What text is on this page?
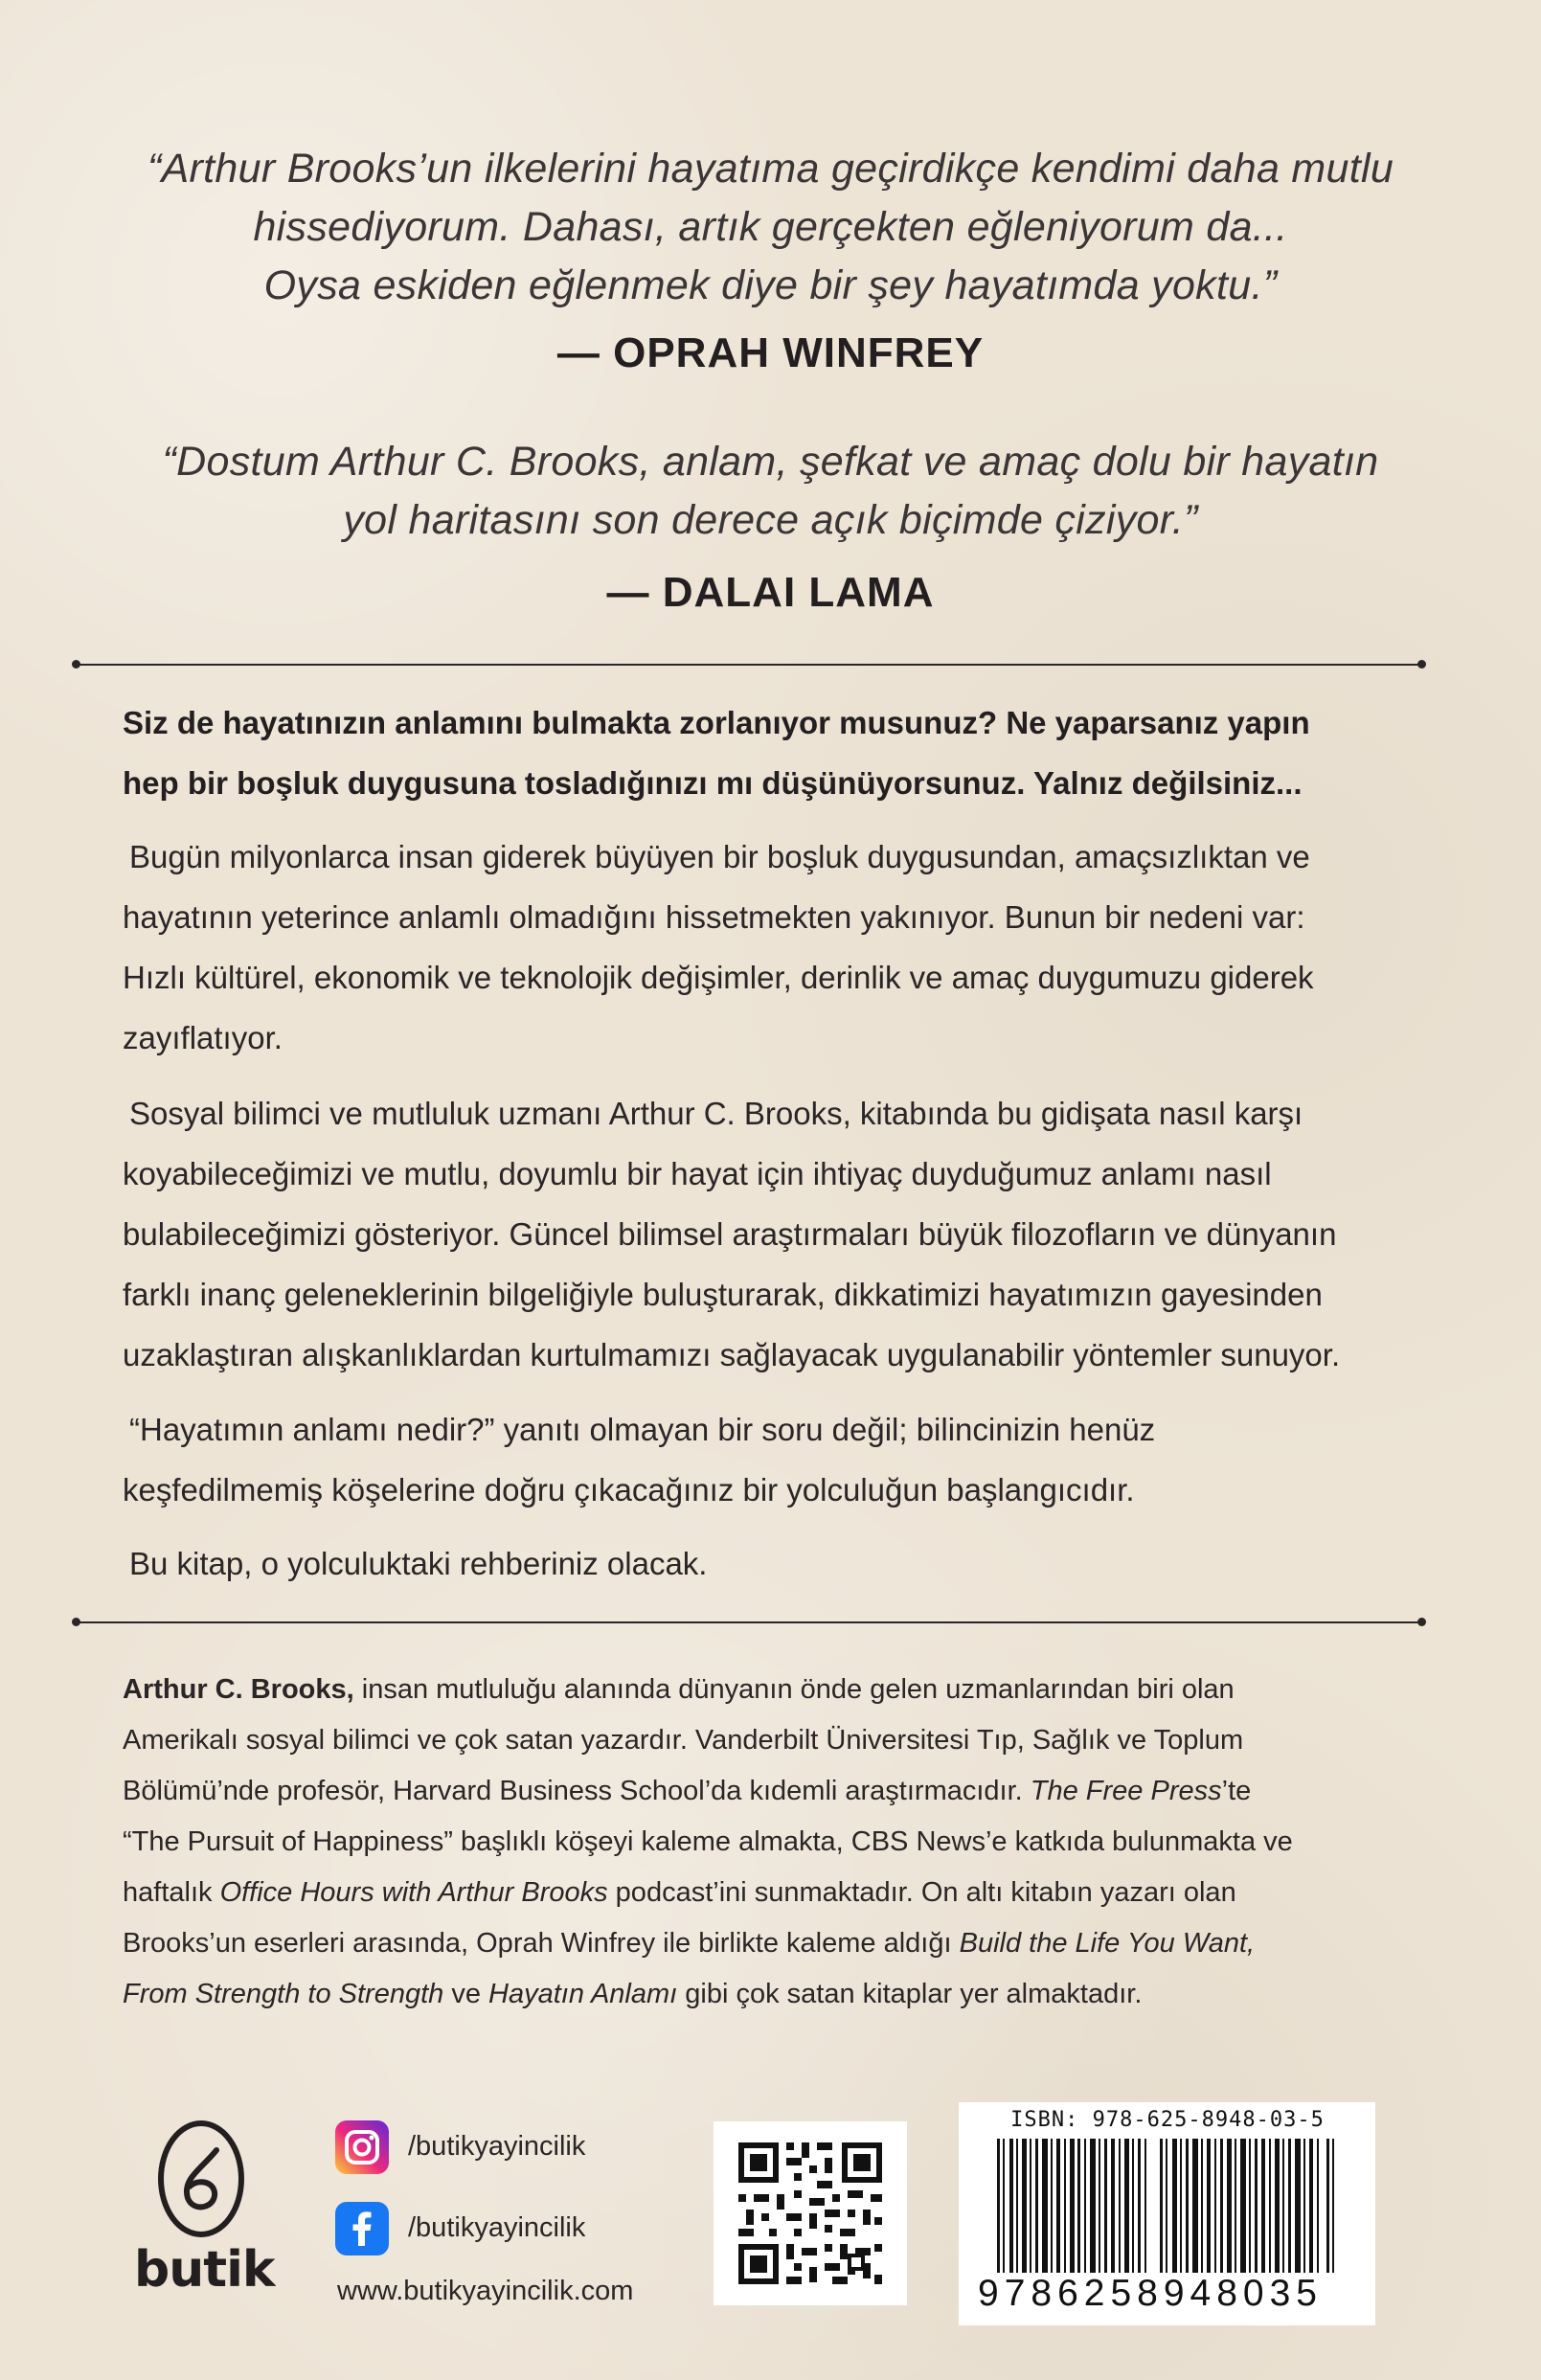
“Arthur Brooks’un ilkelerini hayatıma geçirdikçe kendimi daha mutlu
hissediyorum. Dahası, artık gerçekten eğleniyorum da...
Oysa eskiden eğlenmek diye bir şey hayatımda yoktu.”
— OPRAH WINFREY
“Dostum Arthur C. Brooks, anlam, şefkat ve amaç dolu bir hayatın
yol haritasını son derece açık biçimde çiziyor.”
— DALAI LAMA
Siz de hayatınızın anlamını bulmakta zorlanıyor musunuz? Ne yaparsanız yapın
hep bir boşluk duygusuna tosladığınızı mı düşünüyorsunuz. Yalnız değilsiniz...
Bugün milyonlarca insan giderek büyüyen bir boşluk duygusundan, amaçsızlıktan ve
hayatının yeterince anlamlı olmadığını hissetmekten yakınıyor. Bunun bir nedeni var:
Hızlı kültürel, ekonomik ve teknolojik değişimler, derinlik ve amaç duygumuzu giderek
zayıflatıyor.
Sosyal bilimci ve mutluluk uzmanı Arthur C. Brooks, kitabında bu gidişata nasıl karşı
koyabileceğimizi ve mutlu, doyumlu bir hayat için ihtiyaç duyduğumuz anlamı nasıl
bulabileceğimizi gösteriyor. Güncel bilimsel araştırmaları büyük filozofların ve dünyanın
farklı inanç geleneklerinin bilgeliğiyle buluşturarak, dikkatimizi hayatımızın gayesinden
uzaklaştıran alışkanlıklardan kurtulmamızı sağlayacak uygulanabilir yöntemler sunuyor.
“Hayatımın anlamı nedir?” yanıtı olmayan bir soru değil; bilincinizin henüz
keşfedilmemiş köşelerine doğru çıkacağınız bir yolculuğun başlangıcıdır.
Bu kitap, o yolculuktaki rehberiniz olacak.
Arthur C. Brooks, insan mutluluğu alanında dünyanın önde gelen uzmanlarından biri olan
Amerikalı sosyal bilimci ve çok satan yazardır. Vanderbilt Üniversitesi Tıp, Sağlık ve Toplum
Bölümü’nde profesör, Harvard Business School’da kıdemli araştırmacıdır. The Free Press’te
“The Pursuit of Happiness” başlıklı köşeyi kaleme almakta, CBS News’e katkıda bulunmakta ve
haftalık Office Hours with Arthur Brooks podcast’ini sunmaktadır. On altı kitabın yazarı olan
Brooks’un eserleri arasında, Oprah Winfrey ile birlikte kaleme aldığı Build the Life You Want,
From Strength to Strength ve Hayatın Anlamı gibi çok satan kitaplar yer almaktadır.
butik
/butikyayincilik
/butikyayincilik
www.butikyayincilik.com
ISBN: 978-625-8948-03-5
9786258948035
